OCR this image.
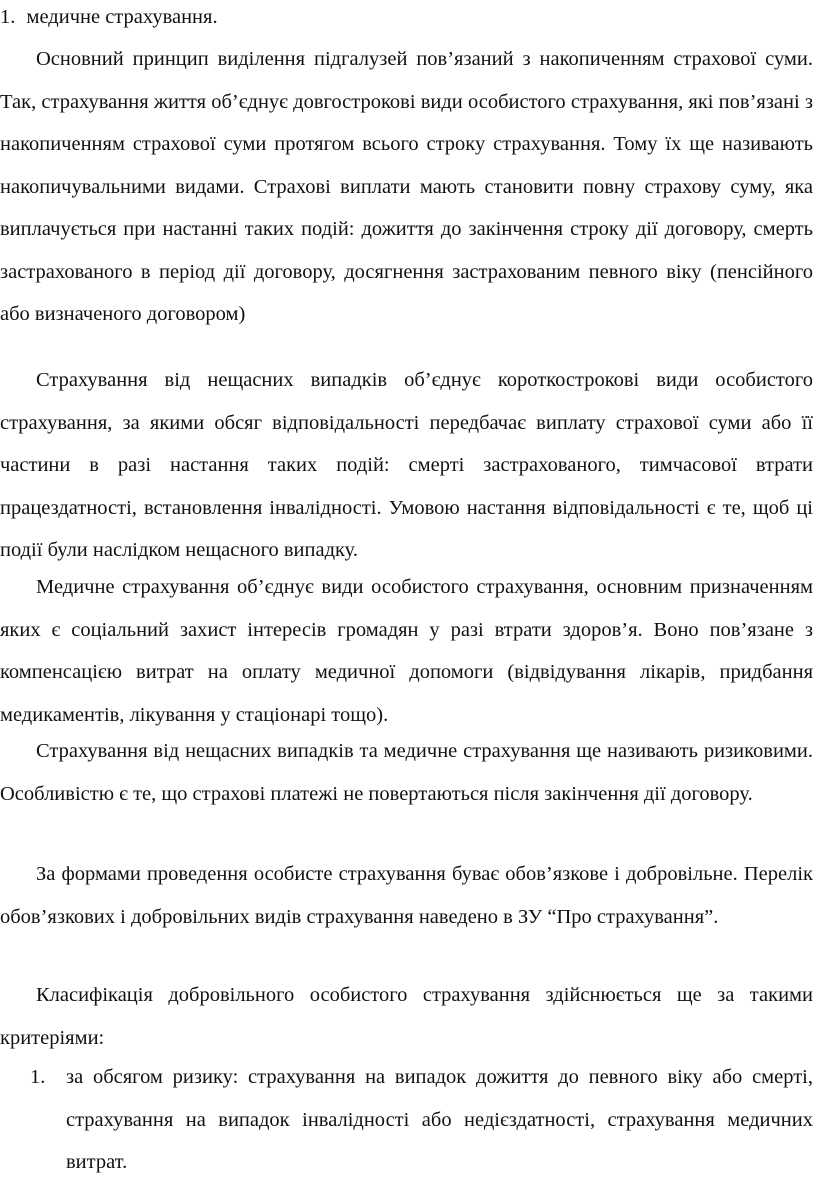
1. медичне страхування.

Основний принцип виділення підгалузей пов’язаний з накопиченням страхової суми. Так, страхування життя об’єднує довгострокові види особистого страхування, які пов’язані з накопиченням страхової суми протягом всього строку страхування. Тому їх ще називають накопичувальними видами. Страхові виплати мають становити повну страхову суму, яка виплачується при настанні таких подій: дожиття до закінчення строку дії договору, смерть застрахованого в період дії договору, досягнення застрахованим певного віку (пенсійного або визначеного договором)

Страхування від нещасних випадків об’єднує короткострокові види особистого страхування, за якими обсяг відповідальності передбачає виплату страхової суми або її частини в разі настання таких подій: смерті застрахованого, тимчасової втрати працездатності, встановлення інвалідності. Умовою настання відповідальності є те, щоб ці події були наслідком нещасного випадку.

Медичне страхування об’єднує види особистого страхування, основним призначенням яких є соціальний захист інтересів громадян у разі втрати здоров’я. Воно пов’язане з компенсацією витрат на оплату медичної допомоги (відвідування лікарів, придбання медикаментів, лікування у стаціонарі тощо).

Страхування від нещасних випадків та медичне страхування ще називають ризиковими. Особливістю є те, що страхові платежі не повертаються після закінчення дії договору.

За формами проведення особисте страхування буває обов’язкове і добровільне. Перелік обов’язкових і добровільних видів страхування наведено в ЗУ “Про страхування”.

Класифікація добровільного особистого страхування здійснюється ще за такими критеріями:

1. за обсягом ризику: страхування на випадок дожиття до певного віку або смерті, страхування на випадок інвалідності або недієздатності, страхування медичних витрат.
